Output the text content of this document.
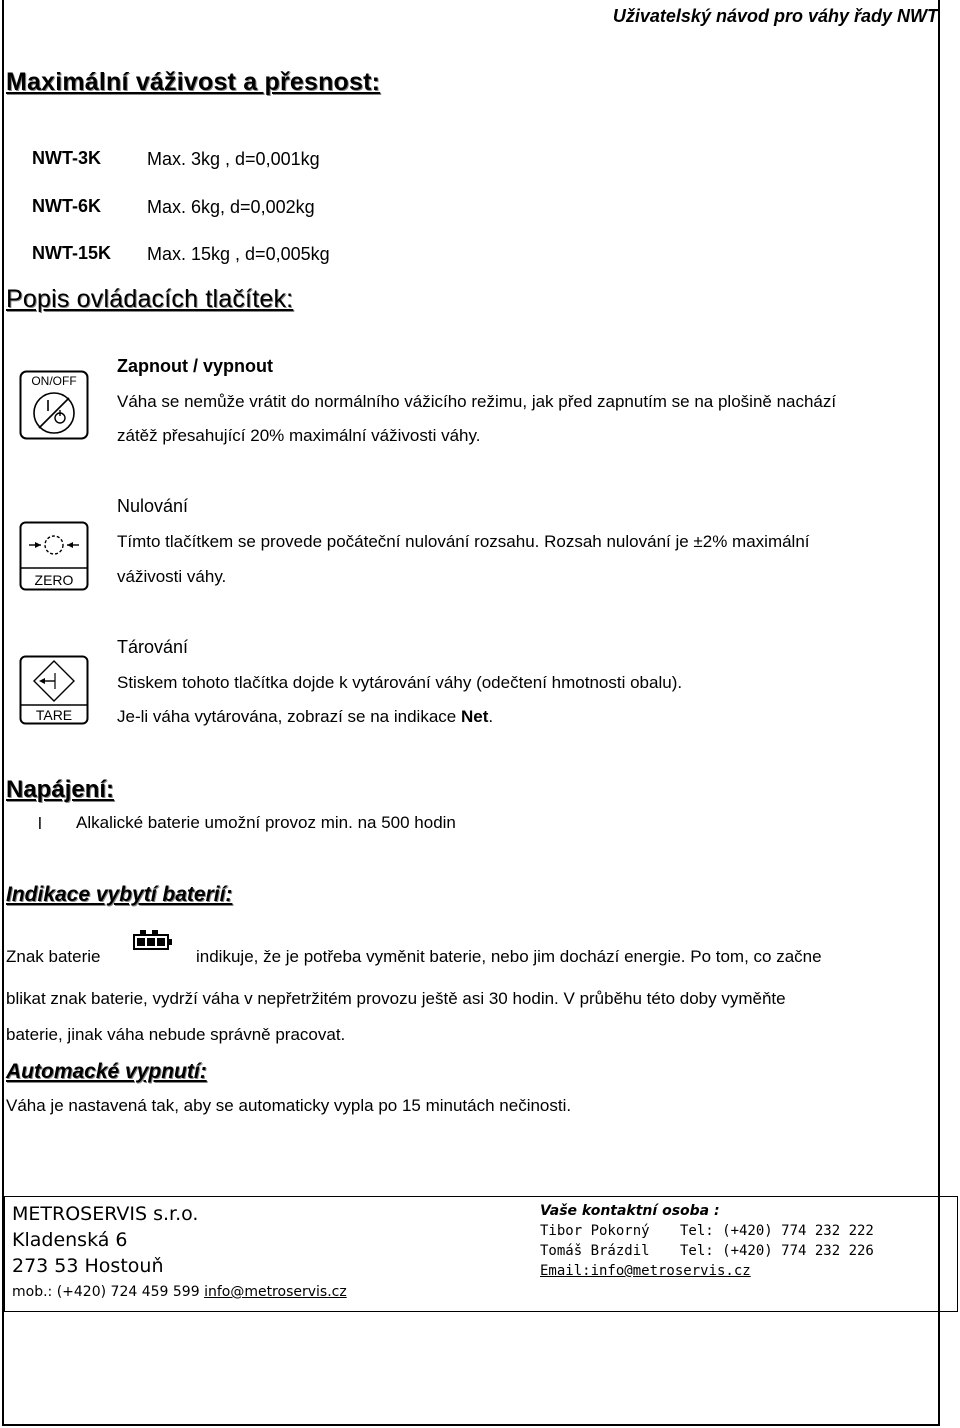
Uživatelský návod pro váhy řady NWT
Maximální váživost a přesnost:
NWT-3K	Max. 3kg , d=0,001kg
NWT-6K	Max. 6kg, d=0,002kg
NWT-15K Max. 15kg , d=0,005kg
Popis ovládacích tlačítek:
ON/OFF
Zapnout / vypnout
Váha se nemůže vrátit do normálního vážicího režimu, jak před zapnutím se na plošině nachází
zátěž přesahující 20% maximální váživosti váhy.
ZERO
Nulování
Tímto tlačítkem se provede počáteční nulování rozsahu. Rozsah nulování je ±2% maximální
váživosti váhy.
TARE
Tárování
Stiskem tohoto tlačítka dojde k vytárování váhy (odečtení hmotnosti obalu).
Je-li váha vytárována, zobrazí se na indikace Net.
Napájení:
l Alkalické baterie umožní provoz min. na 500 hodin
Indikace vybytí baterií:
Znak baterie	indikuje, že je potřeba vyměnit baterie, nebo jim dochází energie. Po tom, co začne
blikat znak baterie, vydrží váha v nepřetržitém provozu ještě asi 30 hodin. V průběhu této doby vyměňte
baterie, jinak váha nebude správně pracovat.
Automacké vypnutí:
Váha je nastavená tak, aby se automaticky vypla po 15 minutách nečinosti.
METROSERVIS s.r.o.
Kladenská 6
273 53 Hostouň
mob.: (+420) 724 459 599 info@metroservis.cz
Vaše kontaktní osoba :
Tibor Pokorný Tel: (+420) 774 232 222
Tomáš Brázdil Tel: (+420) 774 232 226
Email:info@metroservis.cz
